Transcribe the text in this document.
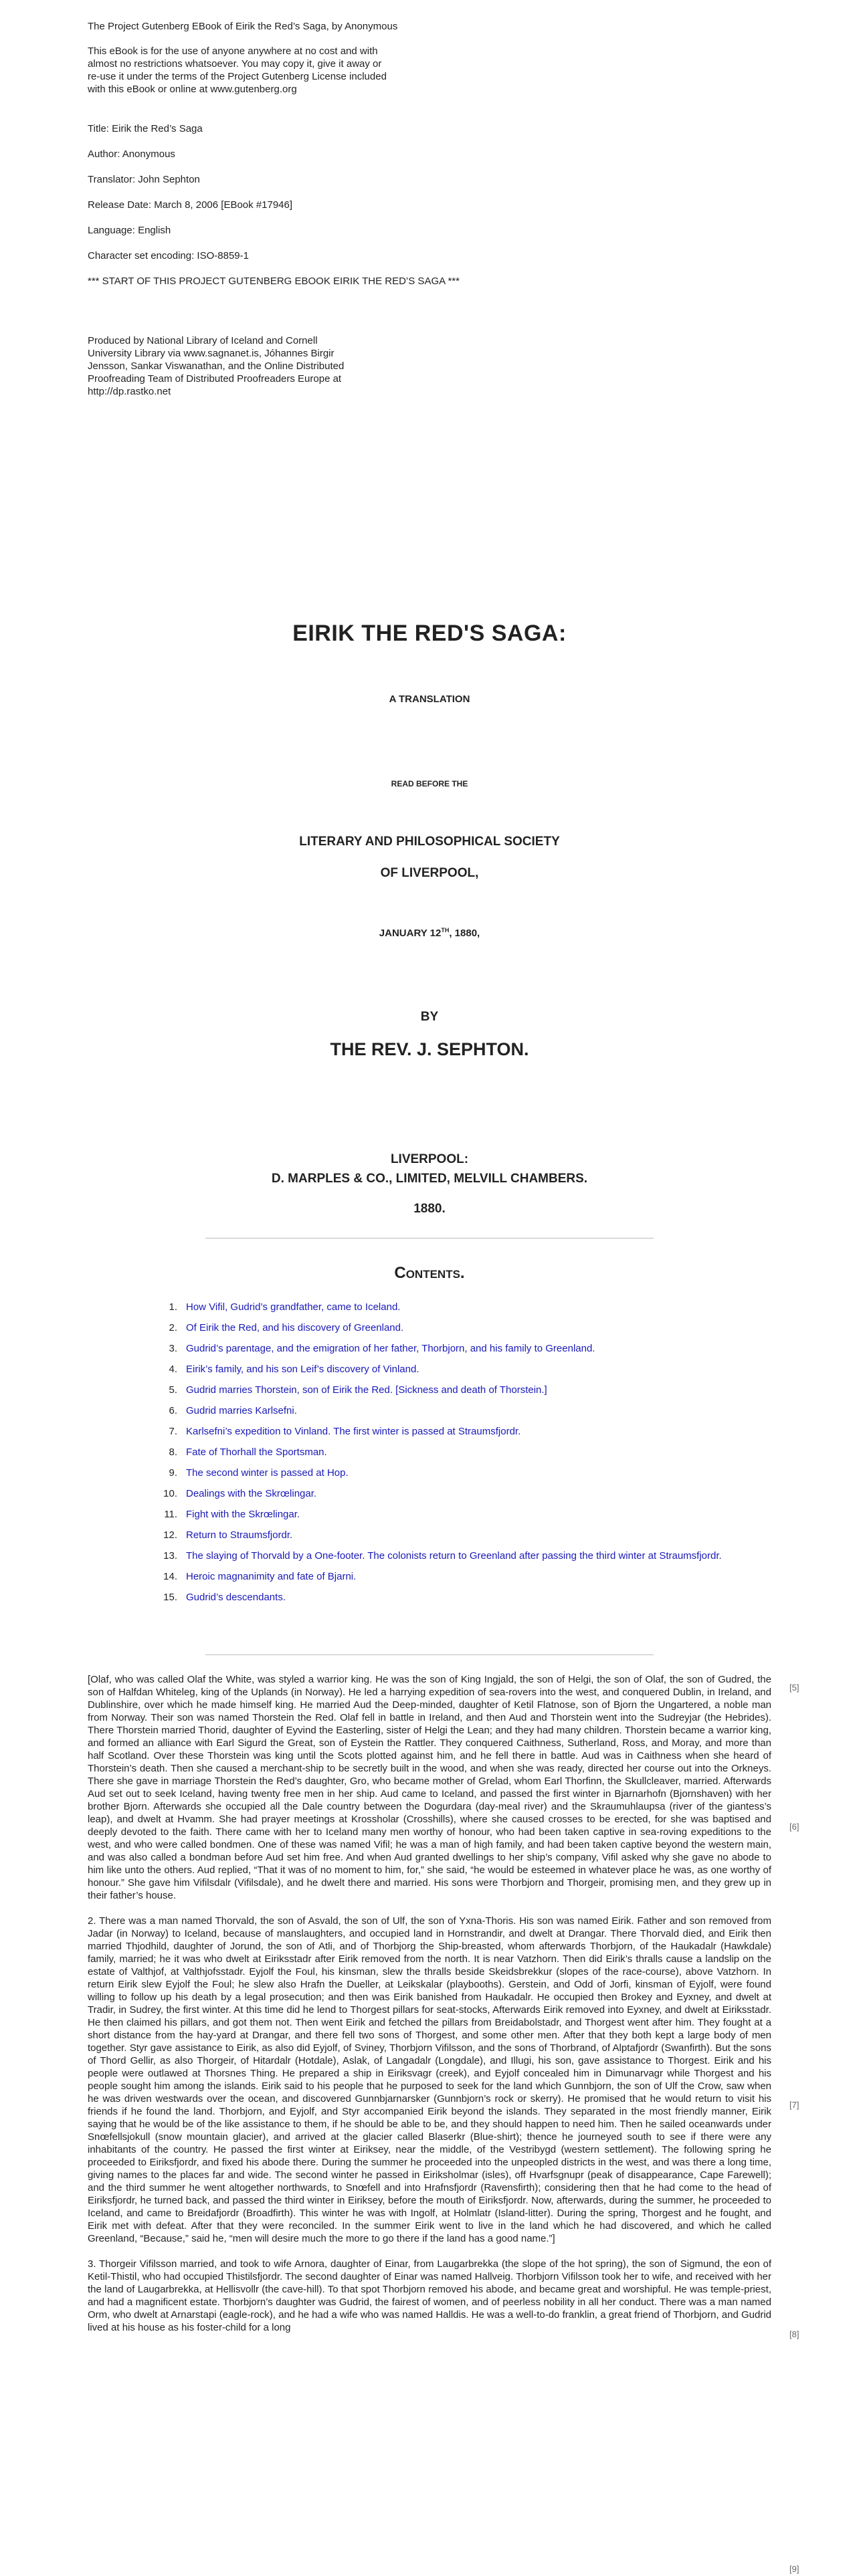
The Project Gutenberg EBook of Eirik the Red’s Saga, by Anonymous

This eBook is for the use of anyone anywhere at no cost and with
almost no restrictions whatsoever. You may copy it, give it away or
re-use it under the terms of the Project Gutenberg License included
with this eBook or online at www.gutenberg.org

Title: Eirik the Red’s Saga

Author: Anonymous

Translator: John Sephton

Release Date: March 8, 2006 [EBook #17946]

Language: English

Character set encoding: ISO-8859-1

*** START OF THIS PROJECT GUTENBERG EBOOK EIRIK THE RED’S SAGA ***

Produced by National Library of Iceland and Cornell
University Library via www.sagnanet.is, Jóhannes Birgir
Jensson, Sankar Viswanathan, and the Online Distributed
Proofreading Team of Distributed Proofreaders Europe at
http://dp.rastko.net

EIRIK THE RED'S SAGA:
A TRANSLATION
READ BEFORE THE
LITERARY AND PHILOSOPHICAL SOCIETY
OF LIVERPOOL,
JANUARY 12TH, 1880,
BY
THE REV. J. SEPHTON.
LIVERPOOL:
D. MARPLES & CO., LIMITED, MELVILL CHAMBERS.
1880.
Contents.
1. How Vifil, Gudrid’s grandfather, came to Iceland.
2. Of Eirik the Red, and his discovery of Greenland.
3. Gudrid’s parentage, and the emigration of her father, Thorbjorn, and his family to Greenland.
4. Eirik’s family, and his son Leif’s discovery of Vinland.
5. Gudrid marries Thorstein, son of Eirik the Red. [Sickness and death of Thorstein.]
6. Gudrid marries Karlsefni.
7. Karlsefni’s expedition to Vinland. The first winter is passed at Straumsfjordr.
8. Fate of Thorhall the Sportsman.
9. The second winter is passed at Hop.
10. Dealings with the Skrœlingar.
11. Fight with the Skrœlingar.
12. Return to Straumsfjordr.
13. The slaying of Thorvald by a One-footer. The colonists return to Greenland after passing the third winter at Straumsfjordr.
14. Heroic magnanimity and fate of Bjarni.
15. Gudrid’s descendants.

[Olaf, who was called Olaf the White, was styled a warrior king. He was the son of King Ingjald, the son of Helgi, the son of Olaf, the son of Gudred, the son of Halfdan Whiteleg, king of the Uplands (in Norway). He led a harrying expedition of sea-rovers into the west, and conquered Dublin, in Ireland, and Dublinshire, over which he made himself king. He married Aud the Deep-minded, daughter of Ketil Flatnose, son of Bjorn the Ungartered, a noble man from Norway. Their son was named Thorstein the Red. Olaf fell in battle in Ireland, and then Aud and Thorstein went into the Sudreyjar (the Hebrides). There Thorstein married Thorid, daughter of Eyvind the Easterling, sister of Helgi the Lean; and they had many children. Thorstein became a warrior king, and formed an alliance with Earl Sigurd the Great, son of Eystein the Rattler. They conquered Caithness, Sutherland, Ross, and Moray, and more than half Scotland. Over these Thorstein was king until the Scots plotted against him, and he fell there in battle. Aud was in Caithness when she heard of Thorstein’s death. Then she caused a merchant-ship to be secretly built in the wood, and when she was ready, directed her course out into the Orkneys. There she gave in marriage Thorstein the Red’s daughter, Gro, who became mother of Grelad, whom Earl Thorfinn, the Skullcleaver, married. Afterwards Aud set out to seek Iceland, having twenty free men in her ship. Aud came to Iceland, and passed the first winter in Bjarnarhofn (Bjornshaven) with her brother Bjorn. Afterwards she occupied all the Dale country between the Dogurdara (day-meal river) and the Skraumuhlaupsa (river of the giantess’s leap), and dwelt at Hvamm. She had prayer meetings at Krossholar (Crosshills), where she caused crosses to be erected, for she was baptised and deeply devoted to the faith. There came with her to Iceland many men worthy of honour, who had been taken captive in sea-roving expeditions to the west, and who were called bondmen. One of these was named Vifil; he was a man of high family, and had been taken captive beyond the western main, and was also called a bondman before Aud set him free. And when Aud granted dwellings to her ship’s company, Vifil asked why she gave no abode to him like unto the others. Aud replied, “That it was of no moment to him, for,” she said, “he would be esteemed in whatever place he was, as one worthy of honour.” She gave him Vifilsdalr (Vifilsdale), and he dwelt there and married. His sons were Thorbjorn and Thorgeir, promising men, and they grew up in their father’s house.

2. There was a man named Thorvald, the son of Asvald, the son of Ulf, the son of Yxna-Thoris. His son was named Eirik. Father and son removed from Jadar (in Norway) to Iceland, because of manslaughters, and occupied land in Hornstrandir, and dwelt at Drangar. There Thorvald died, and Eirik then married Thjodhild, daughter of Jorund, the son of Atli, and of Thorbjorg the Ship-breasted, whom afterwards Thorbjorn, of the Haukadalr (Hawkdale) family, married; he it was who dwelt at Eiriksstadr after Eirik removed from the north. It is near Vatzhorn. Then did Eirik’s thralls cause a landslip on the estate of Valthjof, at Valthjofsstadr. Eyjolf the Foul, his kinsman, slew the thralls beside Skeidsbrekkur (slopes of the race-course), above Vatzhorn. In return Eirik slew Eyjolf the Foul; he slew also Hrafn the Dueller, at Leikskalar (playbooths). Gerstein, and Odd of Jorfi, kinsman of Eyjolf, were found willing to follow up his death by a legal prosecution; and then was Eirik banished from Haukadalr. He occupied then Brokey and Eyxney, and dwelt at Tradir, in Sudrey, the first winter. At this time did he lend to Thorgest pillars for seat-stocks, Afterwards Eirik removed into Eyxney, and dwelt at Eiriksstadr. He then claimed his pillars, and got them not. Then went Eirik and fetched the pillars from Breidabolstadr, and Thorgest went after him. They fought at a short distance from the hay-yard at Drangar, and there fell two sons of Thorgest, and some other men. After that they both kept a large body of men together. Styr gave assistance to Eirik, as also did Eyjolf, of Sviney, Thorbjorn Vifilsson, and the sons of Thorbrand, of Alptafjordr (Swanfirth). But the sons of Thord Gellir, as also Thorgeir, of Hitardalr (Hotdale), Aslak, of Langadalr (Longdale), and Illugi, his son, gave assistance to Thorgest. Eirik and his people were outlawed at Thorsnes Thing. He prepared a ship in Eiriksvagr (creek), and Eyjolf concealed him in Dimunarvagr while Thorgest and his people sought him among the islands. Eirik said to his people that he purposed to seek for the land which Gunnbjorn, the son of Ulf the Crow, saw when he was driven westwards over the ocean, and discovered Gunnbjarnarsker (Gunnbjorn’s rock or skerry). He promised that he would return to visit his friends if he found the land. Thorbjorn, and Eyjolf, and Styr accompanied Eirik beyond the islands. They separated in the most friendly manner, Eirik saying that he would be of the like assistance to them, if he should be able to be, and they should happen to need him. Then he sailed oceanwards under Snœfellsjokull (snow mountain glacier), and arrived at the glacier called Blaserkr (Blue-shirt); thence he journeyed south to see if there were any inhabitants of the country. He passed the first winter at Eiriksey, near the middle, of the Vestribygd (western settlement). The following spring he proceeded to Eiriksfjordr, and fixed his abode there. During the summer he proceeded into the unpeopled districts in the west, and was there a long time, giving names to the places far and wide. The second winter he passed in Eiriksholmar (isles), off Hvarfsgnupr (peak of disappearance, Cape Farewell); and the third summer he went altogether northwards, to Snœfell and into Hrafnsfjordr (Ravensfirth); considering then that he had come to the head of Eiriksfjordr, he turned back, and passed the third winter in Eiriksey, before the mouth of Eiriksfjordr. Now, afterwards, during the summer, he proceeded to Iceland, and came to Breidafjordr (Broadfirth). This winter he was with Ingolf, at Holmlatr (Island-litter). During the spring, Thorgest and he fought, and Eirik met with defeat. After that they were reconciled. In the summer Eirik went to live in the land which he had discovered, and which he called Greenland, “Because,” said he, “men will desire much the more to go there if the land has a good name.”]

3. Thorgeir Vifilsson married, and took to wife Arnora, daughter of Einar, from Laugarbrekka (the slope of the hot spring), the son of Sigmund, the eon of Ketil-Thistil, who had occupied Thistilsfjordr. The second daughter of Einar was named Hallveig. Thorbjorn Vifilsson took her to wife, and received with her the land of Laugarbrekka, at Hellisvollr (the cave-hill). To that spot Thorbjorn removed his abode, and became great and worshipful. He was temple-priest, and had a magnificent estate. Thorbjorn’s daughter was Gudrid, the fairest of women, and of peerless nobility in all her conduct. There was a man named Orm, who dwelt at Arnarstapi (eagle-rock), and he had a wife who was named Halldis. He was a well-to-do franklin, a great friend of Thorbjorn, and Gudrid lived at his house as his foster-child for a long

[5]
[6]
[7]
[8]
[9]
